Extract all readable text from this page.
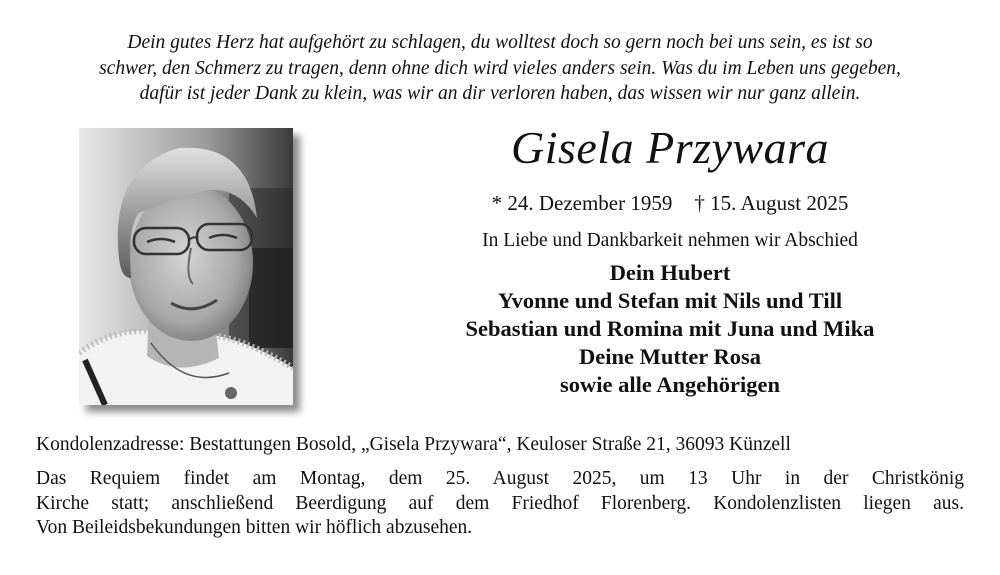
Dein gutes Herz hat aufgehört zu schlagen, du wolltest doch so gern noch bei uns sein, es ist so
schwer, den Schmerz zu tragen, denn ohne dich wird vieles anders sein. Was du im Leben uns gegeben,
dafür ist jeder Dank zu klein, was wir an dir verloren haben, das wissen wir nur ganz allein.
Gisela Przywara
* 24. Dezember 1959 † 15. August 2025
In Liebe und Dankbarkeit nehmen wir Abschied
Dein Hubert
Yvonne und Stefan mit Nils und Till
Sebastian und Romina mit Juna und Mika
Deine Mutter Rosa
sowie alle Angehörigen
Kondolenzadresse: Bestattungen Bosold, „Gisela Przywara“, Keuloser Straße 21, 36093 Künzell
Das Requiem findet am Montag, dem 25. August 2025, um 13 Uhr in der Christkönig
Kirche statt; anschließend Beerdigung auf dem Friedhof Florenberg. Kondolenzlisten liegen aus.
Von Beileidsbekundungen bitten wir höflich abzusehen.
